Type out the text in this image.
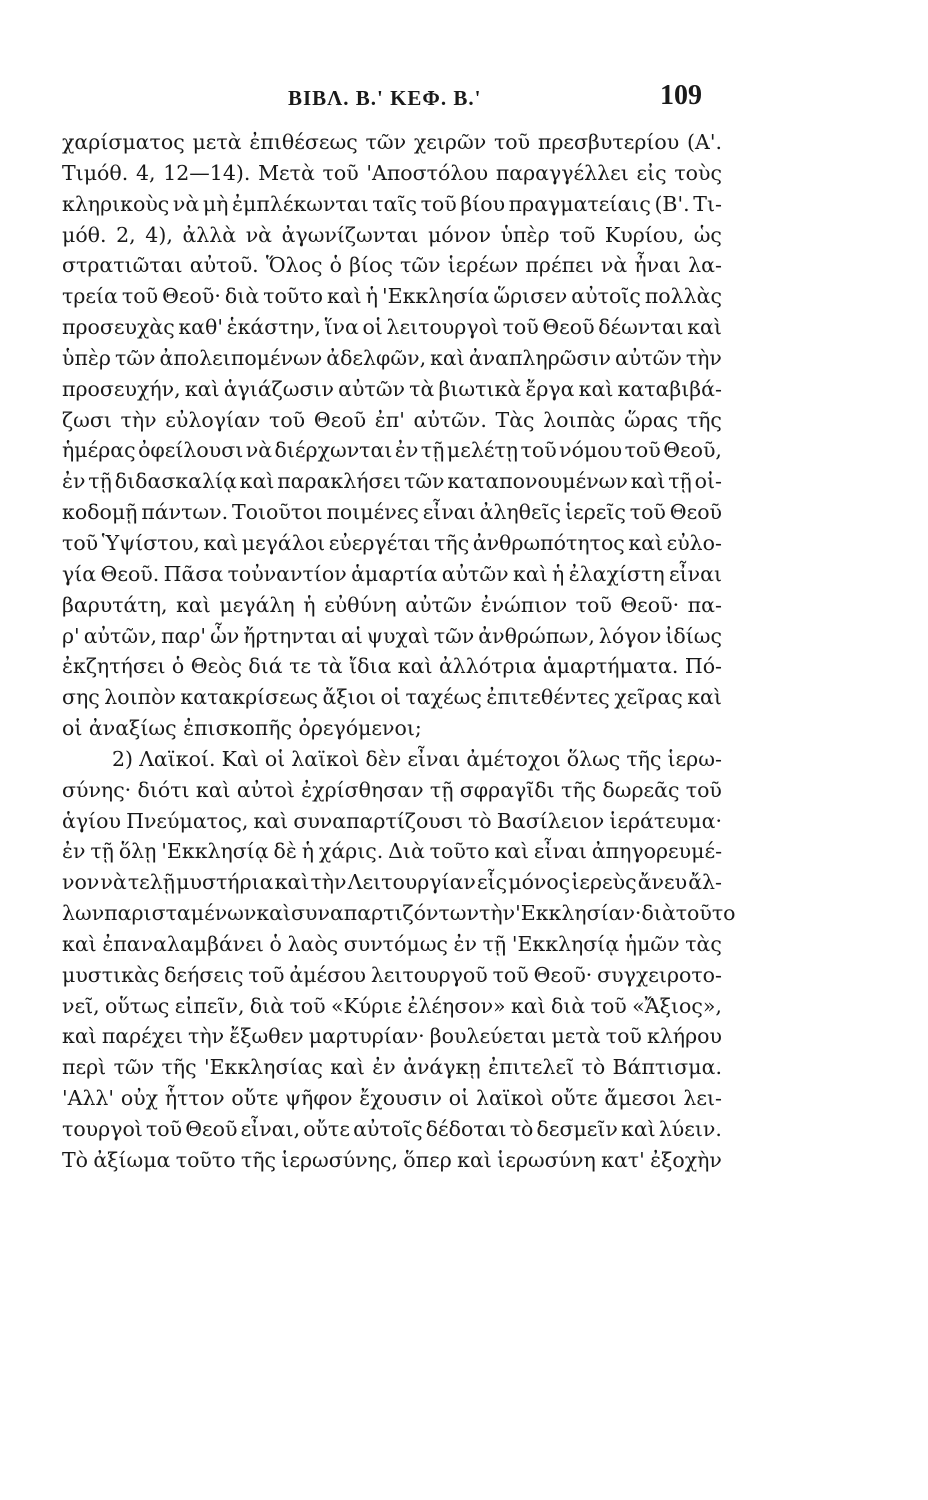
ΒΙΒΛ. Β.' ΚΕΦ. Β.'	109
χαρίσματος μετὰ ἐπιθέσεως τῶν χειρῶν τοῦ πρεσβυτερίου (Α'.
Τιμόθ. 4, 12—14). Μετὰ τοῦ 'Αποστόλου παραγγέλλει εἰς τοὺς
κληρικοὺς νὰ μὴ ἐμπλέκωνται ταῖς τοῦ βίου πραγματείαις (Β'. Τι-
μόθ. 2, 4), ἀλλὰ νὰ ἀγωνίζωνται μόνον ὑπὲρ τοῦ Κυρίου, ὡς
στρατιῶται αὐτοῦ. Ὅλος ὁ βίος τῶν ἱερέων πρέπει νὰ ἦναι λα-
τρεία τοῦ Θεοῦ· διὰ τοῦτο καὶ ἡ 'Εκκλησία ὥρισεν αὐτοῖς πολλὰς
προσευχὰς καθ' ἑκάστην, ἵνα οἱ λειτουργοὶ τοῦ Θεοῦ δέωνται καὶ
ὑπὲρ τῶν ἀπολειπομένων ἀδελφῶν, καὶ ἀναπληρῶσιν αὐτῶν τὴν
προσευχήν, καὶ ἁγιάζωσιν αὐτῶν τὰ βιωτικὰ ἔργα καὶ καταβιβά-
ζωσι τὴν εὐλογίαν τοῦ Θεοῦ ἐπ' αὐτῶν. Τὰς λοιπὰς ὥρας τῆς
ἡμέρας ὀφείλουσι νὰ διέρχωνται ἐν τῇ μελέτῃ τοῦ νόμου τοῦ Θεοῦ,
ἐν τῇ διδασκαλίᾳ καὶ παρακλήσει τῶν καταπονουμένων καὶ τῇ οἰ-
κοδομῇ πάντων. Τοιοῦτοι ποιμένες εἶναι ἀληθεῖς ἱερεῖς τοῦ Θεοῦ
τοῦ Ὑψίστου, καὶ μεγάλοι εὐεργέται τῆς ἀνθρωπότητος καὶ εὐλο-
γία Θεοῦ. Πᾶσα τοὐναντίον ἁμαρτία αὐτῶν καὶ ἡ ἐλαχίστη εἶναι
βαρυτάτη, καὶ μεγάλη ἡ εὐθύνη αὐτῶν ἐνώπιον τοῦ Θεοῦ· πα-
ρ' αὐτῶν, παρ' ὧν ἤρτηνται αἱ ψυχαὶ τῶν ἀνθρώπων, λόγον ἰδίως
ἐκζητήσει ὁ Θεὸς διά τε τὰ ἴδια καὶ ἀλλότρια ἁμαρτήματα. Πό-
σης λοιπὸν κατακρίσεως ἄξιοι οἱ ταχέως ἐπιτεθέντες χεῖρας καὶ
οἱ ἀναξίως ἐπισκοπῆς ὀρεγόμενοι;
2) Λαϊκοί. Καὶ οἱ λαϊκοὶ δὲν εἶναι ἀμέτοχοι ὅλως τῆς ἱερω-
σύνης· διότι καὶ αὐτοὶ ἐχρίσθησαν τῇ σφραγῖδι τῆς δωρεᾶς τοῦ
ἁγίου Πνεύματος, καὶ συναπαρτίζουσι τὸ Βασίλειον ἱεράτευμα·
ἐν τῇ ὅλῃ 'Εκκλησίᾳ δὲ ἡ χάρις. Διὰ τοῦτο καὶ εἶναι ἀπηγορευμέ-
νον νὰ τελῇ μυστήρια καὶ τὴν Λειτουργίαν εἷς μόνος ἱερεὺς ἄνευ ἄλ-
λων παρισταμένων καὶ συναπαρτιζόντων τὴν 'Εκκλησίαν· διὰ τοῦτο
καὶ ἐπαναλαμβάνει ὁ λαὸς συντόμως ἐν τῇ 'Εκκλησίᾳ ἡμῶν τὰς
μυστικὰς δεήσεις τοῦ ἀμέσου λειτουργοῦ τοῦ Θεοῦ· συγχειροτο-
νεῖ, οὕτως εἰπεῖν, διὰ τοῦ «Κύριε ἐλέησον» καὶ διὰ τοῦ «Ἄξιος»,
καὶ παρέχει τὴν ἔξωθεν μαρτυρίαν· βουλεύεται μετὰ τοῦ κλήρου
περὶ τῶν τῆς 'Εκκλησίας καὶ ἐν ἀνάγκῃ ἐπιτελεῖ τὸ Βάπτισμα.
'Αλλ' οὐχ ἧττον οὔτε ψῆφον ἔχουσιν οἱ λαϊκοὶ οὔτε ἄμεσοι λει-
τουργοὶ τοῦ Θεοῦ εἶναι, οὔτε αὐτοῖς δέδοται τὸ δεσμεῖν καὶ λύειν.
Τὸ ἀξίωμα τοῦτο τῆς ἱερωσύνης, ὅπερ καὶ ἱερωσύνη κατ' ἐξοχὴν
